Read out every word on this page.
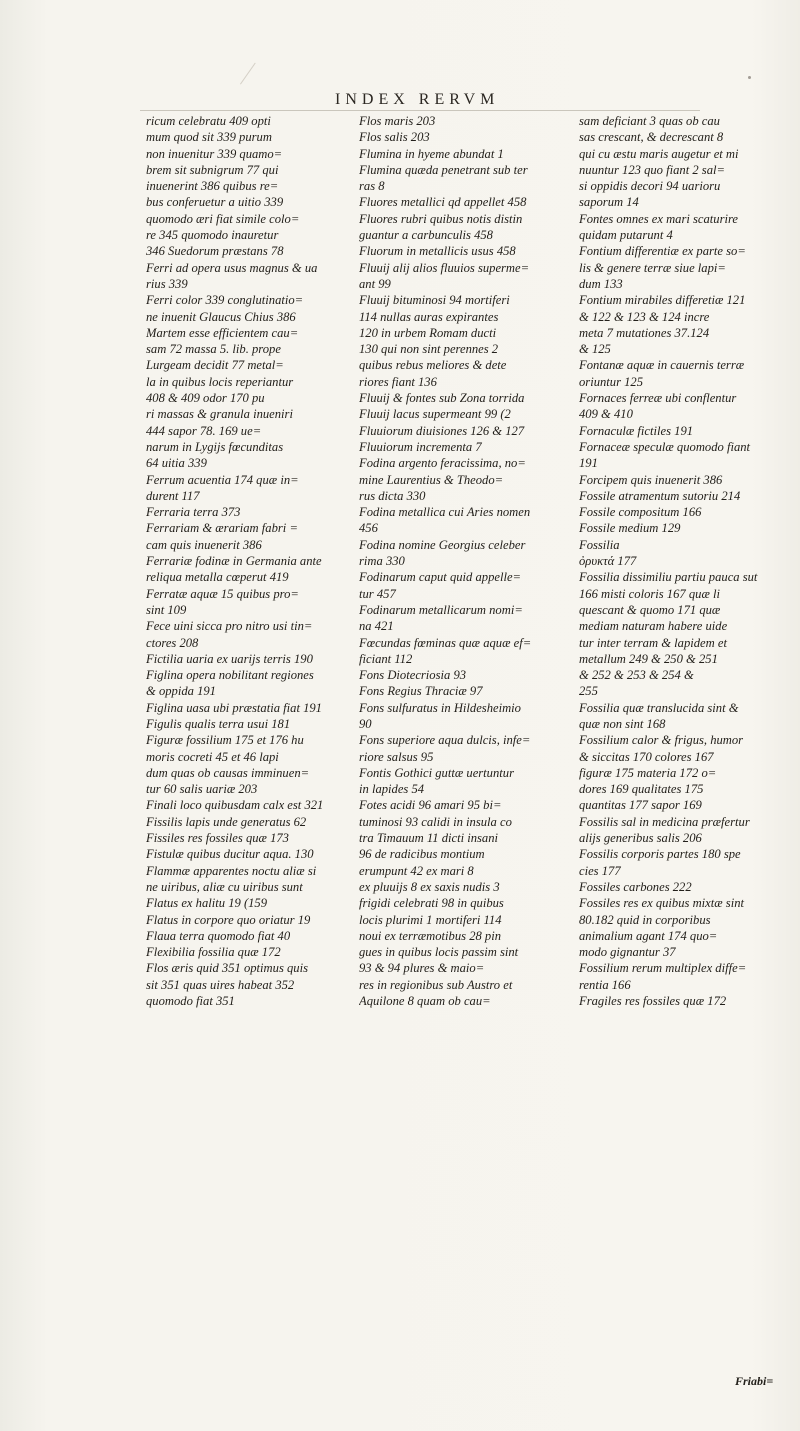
INDEX RERVM
ricum celebratu 409 opti
mum quod sit 339 purum
non inuenitur 339 quamo=
brem sit subnigrum 77 qui
inuenerint 386 quibus re=
bus conferuetur a uitio 339
quomodo æri fiat simile colo=
re 345 quomodo inauretur
346 Suedorum præstans 78
Ferri ad opera usus magnus & ua
rius 339
Ferri color 339 conglutinatio=
ne inuenit Glaucus Chius 386
Martem esse efficientem cau=
sam 72 massa 5. lib. prope
Lurgeam decidit 77 metal=
la in quibus locis reperiantur
408 & 409 odor 170 pu
ri massas & granula inueniri
444 sapor 78. 169 ue=
narum in Lygijs fœcunditas
64 uitia 339
Ferrum acuentia 174 quæ in=
durent 117
Ferraria terra 373
Ferrariam & ærariam fabri =
cam quis inuenerit 386
Ferrariæ fodinæ in Germania ante
reliqua metalla cœperut 419
Ferratæ aquæ 15 quibus pro=
sint 109
Fece uini sicca pro nitro usi tin=
ctores 208
Fictilia uaria ex uarijs terris 190
Figlina opera nobilitant regiones
& oppida 191
Figlina uasa ubi præstatia fiat 191
Figulis qualis terra usui 181
Figuræ fossilium 175 et 176 hu
moris cocreti 45 et 46 lapi
dum quas ob causas imminuen=
tur 60 salis uariæ 203
Finali loco quibusdam calx est 321
Fissilis lapis unde generatus 62
Fissiles res fossiles quæ 173
Fistulæ quibus ducitur aqua. 130
Flammæ apparentes noctu aliæ si
ne uiribus, aliæ cu uiribus sunt
Flatus ex halitu 19 (159
Flatus in corpore quo oriatur 19
Flaua terra quomodo fiat 40
Flexibilia fossilia quæ 172
Flos æris quid 351 optimus quis
sit 351 quas uires habeat 352
quomodo fiat 351
Flos maris 203
Flos salis 203
Flumina in hyeme abundat 1
Flumina quæda penetrant sub ter
ras 8
Fluores metallici qd appellet 458
Fluores rubri quibus notis distin
guantur a carbunculis 458
Fluorum in metallicis usus 458
Fluuij alij alios fluuios superme=
ant 99
Fluuij bituminosi 94 mortiferi
114 nullas auras expirantes
120 in urbem Romam ducti
130 qui non sint perennes 2
quibus rebus meliores & dete
riores fiant 136
Fluuij & fontes sub Zona torrida
Fluuij lacus supermeant 99 (2
Fluuiorum diuisiones 126 & 127
Fluuiorum incrementa 7
Fodina argento feracissima, no=
mine Laurentius & Theodo=
rus dicta 330
Fodina metallica cui Aries nomen
456
Fodina nomine Georgius celeber
rima 330
Fodinarum caput quid appelle=
tur 457
Fodinarum metallicarum nomi=
na 421
Fœcundas fœminas quæ aquæ ef=
ficiant 112
Fons Diotecriosia 93
Fons Regius Thraciæ 97
Fons sulfuratus in Hildesheimio
90
Fons superiore aqua dulcis, infe=
riore salsus 95
Fontis Gothici guttæ uertuntur
in lapides 54
Fotes acidi 96 amari 95 bi=
tuminosi 93 calidi in insula co
tra Timauum 11 dicti insani
96 de radicibus montium
erumpunt 42 ex mari 8
ex pluuijs 8 ex saxis nudis 3
frigidi celebrati 98 in quibus
locis plurimi 1 mortiferi 114
noui ex terræmotibus 28 pin
gues in quibus locis passim sint
93 & 94 plures & maio=
res in regionibus sub Austro et
Aquilone 8 quam ob cau=
sam deficiant 3 quas ob cau
sas crescant, & decrescant 8
qui cu æstu maris augetur et mi
nuuntur 123 quo fiant 2 sal=
si oppidis decori 94 uarioru
saporum 14
Fontes omnes ex mari scaturire
quidam putarunt 4
Fontium differentiæ ex parte so=
lis & genere terræ siue lapi=
dum 133
Fontium mirabiles differetiæ 121
& 122 & 123 & 124 incre
meta 7 mutationes 37.124
& 125
Fontanæ aquæ in cauernis terræ
oriuntur 125
Fornaces ferreæ ubi conflentur
409 & 410
Fornaculæ fictiles 191
Fornaceæ speculæ quomodo fiant
191
Forcipem quis inuenerit 386
Fossile atramentum sutoriu 214
Fossile compositum 166
Fossile medium 129
Fossilia
ὀρυκτά 177
Fossilia dissimiliu partiu pauca sut
166 misti coloris 167 quæ li
quescant & quomo 171 quæ
mediam naturam habere uide
tur inter terram & lapidem et
metallum 249 & 250 & 251
& 252 & 253 & 254 &
255
Fossilia quæ translucida sint &
quæ non sint 168
Fossilium calor & frigus, humor
& siccitas 170 colores 167
figuræ 175 materia 172 o=
dores 169 qualitates 175
quantitas 177 sapor 169
Fossilis sal in medicina præfertur
alijs generibus salis 206
Fossilis corporis partes 180 spe
cies 177
Fossiles carbones 222
Fossiles res ex quibus mixtæ sint
80.182 quid in corporibus
animalium agant 174 quo=
modo gignantur 37
Fossilium rerum multiplex diffe=
rentia 166
Fragiles res fossiles quæ 172
Friabi=
